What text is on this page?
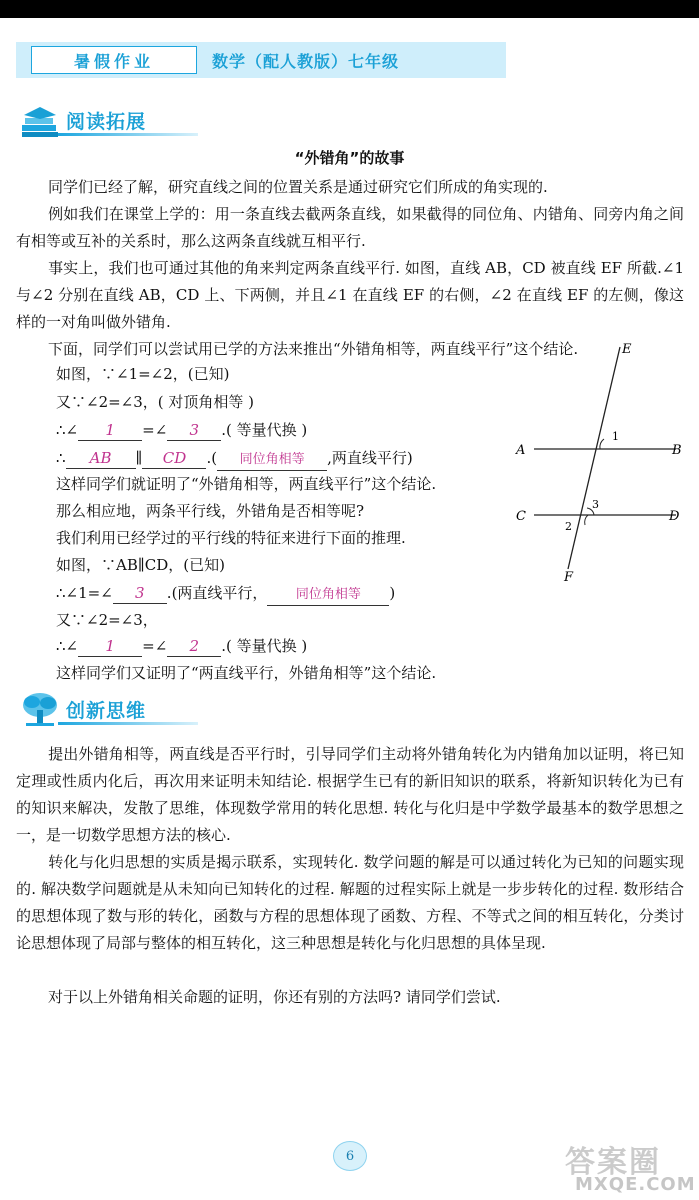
暑假作业	数学（配人教版）七年级
阅读拓展
“外错角”的故事

同学们已经了解，研究直线之间的位置关系是通过研究它们所成的角实现的.

例如我们在课堂上学的：用一条直线去截两条直线，如果截得的同位角、内错角、同旁内角之间有相等或互补的关系时，那么这两条直线就互相平行.

事实上，我们也可通过其他的角来判定两条直线平行. 如图，直线 AB，CD 被直线 EF 所截.∠1 与∠2 分别在直线 AB，CD 上、下两侧，并且∠1 在直线 EF 的右侧，∠2 在直线 EF 的左侧，像这样的一对角叫做外错角.

下面，同学们可以尝试用已学的方法来推出“外错角相等，两直线平行”这个结论.

如图，∵∠1=∠2，(已知)
又∵∠2=∠3，( 对顶角相等 )
∴∠ 1 =∠ 3 .( 等量代换 )
∴ AB ∥ CD .( 同位角相等 ,两直线平行)
这样同学们就证明了“外错角相等，两直线平行”这个结论.
那么相应地，两条平行线，外错角是否相等呢?
我们利用已经学过的平行线的特征来进行下面的推理.
如图，∵AB∥CD，(已知)
∴∠1=∠ 3 .(两直线平行， 同位角相等 )
又∵∠2=∠3，
∴∠ 1 =∠ 2 .( 等量代换 )
这样同学们又证明了“两直线平行，外错角相等”这个结论.
E
F
A	B
C	D
1
2
3
创新思维

提出外错角相等，两直线是否平行时，引导同学们主动将外错角转化为内错角加以证明，将已知定理或性质内化后，再次用来证明未知结论. 根据学生已有的新旧知识的联系，将新知识转化为已有的知识来解决，发散了思维，体现数学常用的转化思想. 转化与化归是中学数学最基本的数学思想之一，是一切数学思想方法的核心.

转化与化归思想的实质是揭示联系，实现转化. 数学问题的解是可以通过转化为已知的问题实现的. 解决数学问题就是从未知向已知转化的过程. 解题的过程实际上就是一步步转化的过程. 数形结合的思想体现了数与形的转化，函数与方程的思想体现了函数、方程、不等式之间的相互转化，分类讨论思想体现了局部与整体的相互转化，这三种思想是转化与化归思想的具体呈现.

对于以上外错角相关命题的证明，你还有别的方法吗? 请同学们尝试.

6	答案圈
MXQE.COM
